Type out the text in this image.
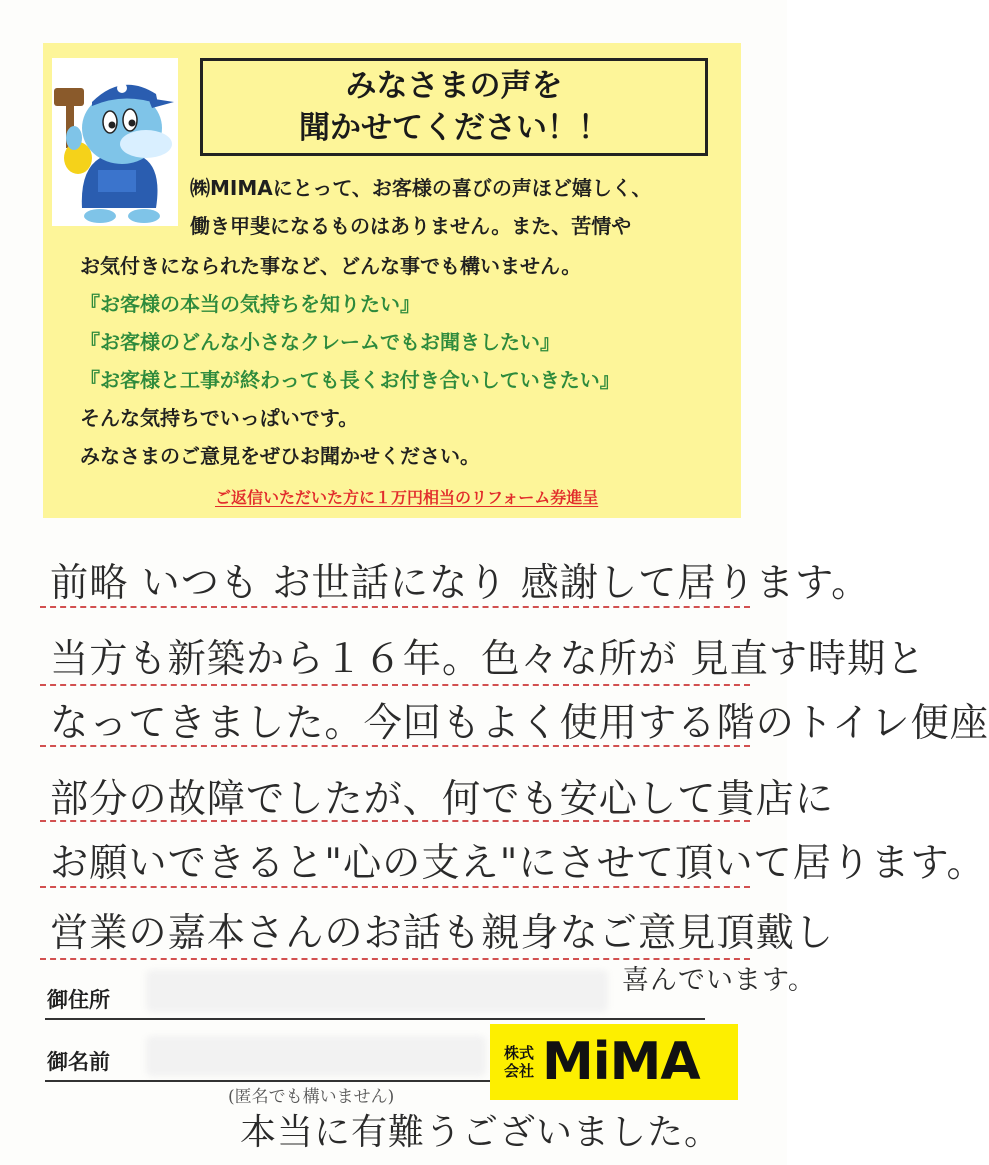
みなさまの声を
聞かせてください！！
㈱MIMAにとって、お客様の喜びの声ほど嬉しく、
働き甲斐になるものはありません。また、苦情や
お気付きになられた事など、どんな事でも構いません。
『お客様の本当の気持ちを知りたい』
『お客様のどんな小さなクレームでもお聞きしたい』
『お客様と工事が終わっても長くお付き合いしていきたい』
そんな気持ちでいっぱいです。
みなさまのご意見をぜひお聞かせください。
ご返信いただいた方に１万円相当のリフォーム券進呈
前略 いつも お世話になり 感謝して居ります。
当方も新築から１６年。色々な所が 見直す時期と
なってきました。今回もよく使用する階のトイレ便座
部分の故障でしたが、何でも安心して貴店に
お願いできると"心の支え"にさせて頂いて居ります。
営業の嘉本さんのお話も親身なご意見頂戴し
喜んでいます。
御住所
御名前
(匿名でも構いません)
株式
会社 MiMA
本当に有難うございました。
